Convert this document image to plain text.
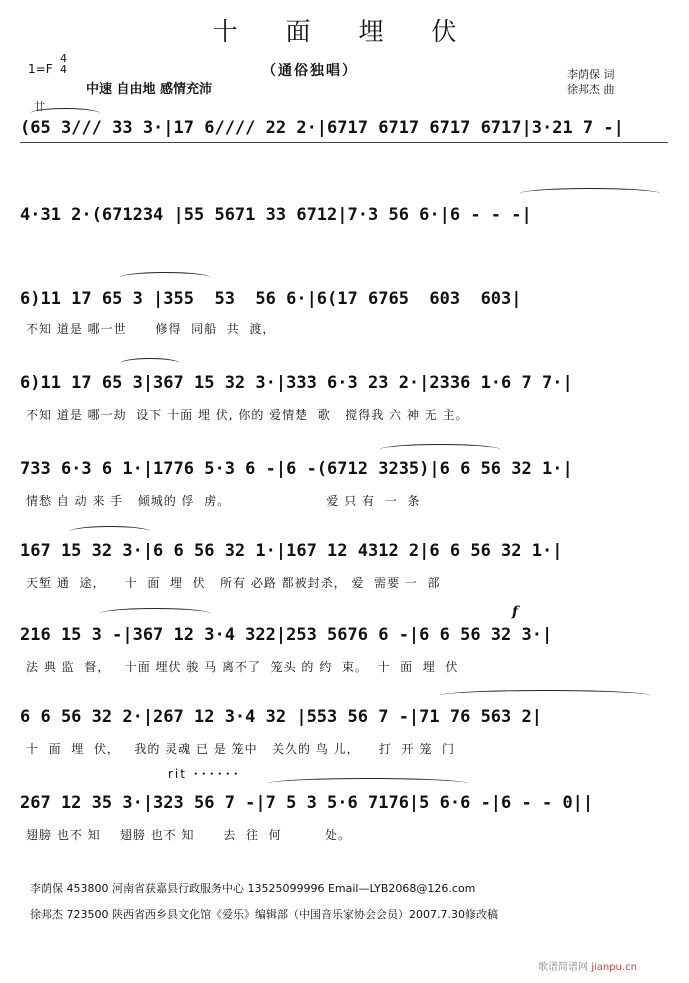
十 面 埋 伏
（通俗独唱）
1=F
4
4
中速 自由地 感情充沛
李荫保 词
徐邦杰 曲
廿
rit ･･････
f
(65 3/// 33 3·|17 6//// 22 2·|6717 6717 6717 6717|3·21 7 -|
4·31 2·(671234 |55 5671 33 6712|7·3 56 6·|6 - - -|
6)11 17 65 3 |355  53  56 6·|6(17 6765  603  603|
不知 道是 哪一世      修得  同船  共  渡，
6)11 17 65 3|367 15 32 3·|333 6·3 23 2·|2336 1·6 7 7·|
不知 道是 哪一劫  设下 十面 埋 伏, 你的 爱情楚  歌   搅得我 六 神 无 主。
733 6·3 6 1·|1776 5·3 6 -|6 -(6712 3235)|6 6 56 32 1·|
情愁 自 动 来 手   倾城的 俘  虏。                    爱 只 有  一  条
167 15 32 3·|6 6 56 32 1·|167 12 4312 2|6 6 56 32 1·|
天堑 通  途，    十  面  埋  伏   所有 必路 都被封杀， 爱  需要 一  部
216 15 3 -|367 12 3·4 322|253 5676 6 -|6 6 56 32 3·|
法 典 监  督，   十面 埋伏 骏 马 离不了  笼头 的 约  束。  十  面  埋  伏
6 6 56 32 2·|267 12 3·4 32 |553 56 7 -|71 76 563 2|
十  面  埋  伏，   我的 灵魂 已 是 笼中   关久的 鸟 儿，    打  开 笼  门
267 12 35 3·|323 56 7 -|7 5 3 5·6 7176|5 6·6 -|6 - - 0||
翅膀 也不 知    翅膀 也不 知      去  往  何         处。
李荫保 453800 河南省获嘉县行政服务中心 13525099996 Email—LYB2068@126.com
徐邦杰 723500 陕西省西乡县文化馆《爱乐》编辑部（中国音乐家协会会员）2007.7.30修改稿
歌谱简谱网 jianpu.cn
